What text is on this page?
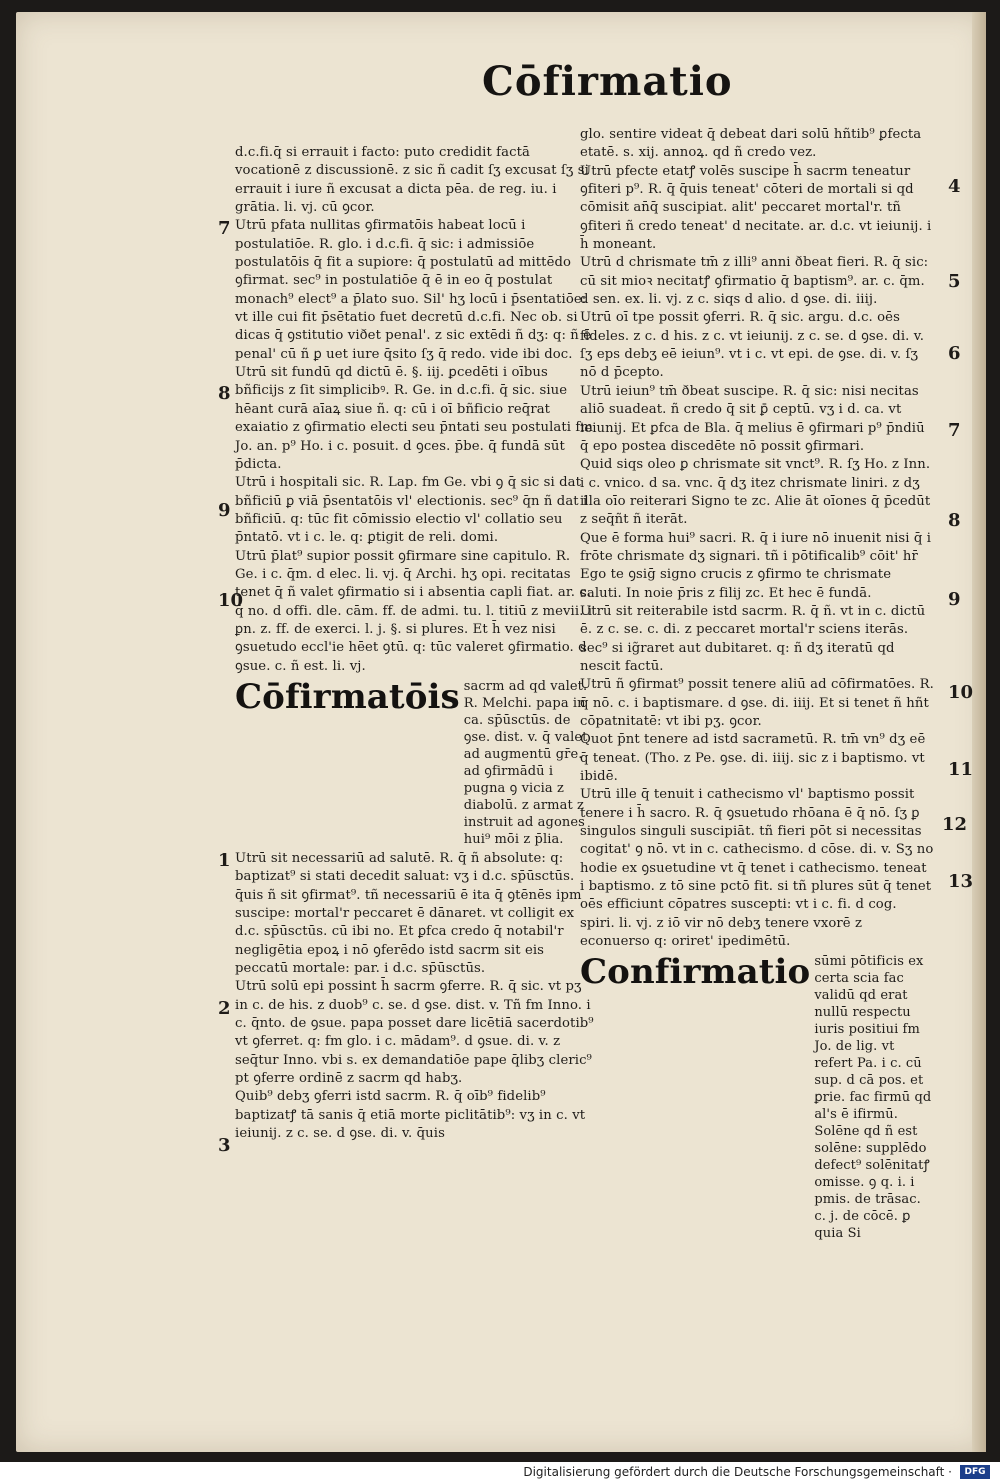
Cōfirmatio
7
8
9
10
1
2
3
4
5
6
7
8
9
10
11
12
13

d.c.fi.q̄ si errauit i facto: puto credidit factā vocationē z discussionē. z sic ñ cadit ſʒ excusat ſʒ si errauit i iure ñ excusat a dicta pēa. de reg. iu. i grātia. li. vj. cū ꝯcor.

Utrū pfata nullitas ꝯfirmatōis habeat locū i postulatiōe. R. glo. i d.c.fi. q̄ sic: i admissiōe postulatōis q̄ fit a supiore: q̄ postulatū ad mittēdo ꝯfirmat. sec⁹ in postulatiōe q̄ ē in eo q̄ postulat monach⁹ elect⁹ a p̄lato suo. Sil' hʒ locū i p̄sentatiōe: vt ille cui fit p̄sētatio fuet decretū d.c.fi. Nec ob. si dicas q̄ ꝯstitutio viðet penal'. z sic extēdi ñ dʒ: q: ñ ē penal' cū ñ ꝑ uet iure q̄sito ſʒ q̄ redo. vide ibi doc.

Utrū sit fundū qd dictū ē. §. iij. ꝑcedēti i oībus bñficijs z ſit simplicibꝰ. R. Ge. in d.c.fi. q̄ sic. siue hēant curā aīaꝝ siue ñ. q: cū i oī bñficio req̄rat exaiatio z ꝯfirmatio electi seu p̄ntati seu postulati fm Jo. an. p⁹ Ho. i c. posuit. d ꝯces. p̄be. q̄ fundā sūt p̄dicta.

Utrū i hospitali sic. R. Lap. fm Ge. vbi ꝯ q̄ sic si dat bñficiū ꝑ viā p̄sentatōis vl' electionis. sec⁹ q̄n ñ dat i bñficiū. q: tūc fit cōmissio electio vl' collatio seu p̄ntatō. vt i c. le. q: ꝑtigit de reli. domi.

Utrū p̄lat⁹ supior possit ꝯfirmare sine capitulo. R. Ge. i c. q̄m. d elec. li. vj. q̄ Archi. hʒ opi. recitatas tenet q̄ ñ valet ꝯfirmatio si i absentia capli fiat. ar. c. q̄ no. d offi. dle. cām. ff. de admi. tu. l. titiū z mevii. i ꝑn. z. ff. de exerci. l. j. §. si plures. Et h̄ vez nisi ꝯsuetudo eccl'ie hēet ꝯtū. q: tūc valeret ꝯfirmatio. d ꝯsue. c. ñ est. li. vj.

Cōfirmatōis sacrm ad qd valet. R. Melchi. papa in ca. sp̄ūsctūs. de ꝯse. dist. v. q̄ valet ad augmentū gr̄e. ad ꝯfirmādū i pugna ꝯ vicia z diabolū. z armat z instruit ad agones hui⁹ mōi z p̄lia.

Utrū sit necessariū ad salutē. R. q̄ ñ absolute: q: baptizat⁹ si stati decedit saluat: vʒ i d.c. sp̄ūsctūs. q̄uis ñ sit ꝯfirmat⁹. tñ necessariū ē ita q̄ ꝯtēnēs ipm suscipe: mortal'r peccaret ē dānaret. vt colligit ex d.c. sp̄ūsctūs. cū ibi no. Et ꝑfca credo q̄ notabil'r negligētia epoꝝ i nō ꝯferēdo istd sacrm sit eis peccatū mortale: par. i d.c. sp̄ūsctūs.

Utrū solū epi possint h̄ sacrm ꝯferre. R. q̄ sic. vt pʒ in c. de his. z duob⁹ c. se. d ꝯse. dist. v. Tñ fm Inno. i c. q̄nto. de ꝯsue. papa posset dare licētiā sacerdotib⁹ vt ꝯferret. q: fm glo. i c. mādam⁹. d ꝯsue. di. v. z seq̄tur Inno. vbi s. ex demandatiōe pape q̄libʒ cleric⁹ pt ꝯferre ordinē z sacrm qd habʒ.

Quib⁹ debʒ ꝯferri istd sacrm. R. q̄ oīb⁹ fidelib⁹ baptizatꝭ tā sanis q̄ etiā morte piclitātib⁹: vʒ in c. vt ieiunij. z c. se. d ꝯse. di. v. q̄uis

glo. sentire videat q̄ debeat dari solū hñtib⁹ ꝑfecta etatē. s. xij. annoꝝ. qd ñ credo vez.

Utrū pfecte etatꝭ volēs suscipe h̄ sacrm teneatur ꝯfiteri p⁹. R. q̄ q̄uis teneat' cōteri de mortali si qd cōmisit an̄q̄ suscipiat. alit' peccaret mortal'r. tñ ꝯfiteri ñ credo teneat' d necitate. ar. d.c. vt ieiunij. i h̄ moneant.

Utrū d chrismate tm̄ z illi⁹ anni ðbeat fieri. R. q̄ sic: cū sit mioꝛ necitatꝭ ꝯfirmatio q̄ baptism⁹. ar. c. q̄m. d sen. ex. li. vj. z c. siqs d alio. d ꝯse. di. iiij.

Utrū oī tpe possit ꝯferri. R. q̄ sic. argu. d.c. oēs fideles. z c. d his. z c. vt ieiunij. z c. se. d ꝯse. di. v. ſʒ eps debʒ eē ieiun⁹. vt i c. vt epi. de ꝯse. di. v. ſʒ nō d p̄cepto.

Utrū ieiun⁹ tm̄ ðbeat suscipe. R. q̄ sic: nisi necitas aliō suadeat. ñ credo q̄ sit ꝑ̄ ceptū. vʒ i d. ca. vt ieiunij. Et ꝑfca de Bla. q̄ melius ē ꝯfirmari p⁹ p̄ndiū q̄ epo postea discedēte nō possit ꝯfirmari.

Quid siqs oleo ꝑ chrismate sit vnct⁹. R. ſʒ Ho. z Inn. i c. vnico. d sa. vnc. q̄ dʒ itez chrismate liniri. z dʒ illa oīo reiterari Signo te zc. Alie āt oīones q̄ p̄cedūt z seq̄ñt ñ iterāt.

Que ē forma hui⁹ sacri. R. q̄ i iure nō inuenit nisi q̄ i frōte chrismate dʒ signari. tñ i pōtificalib⁹ cōit' hr̄ Ego te ꝯsiḡ signo crucis z ꝯfirmo te chrismate saluti. In noie p̄ris z filij zc. Et hec ē fundā.

Utrū sit reiterabile istd sacrm. R. q̄ ñ. vt in c. dictū ē. z c. se. c. di. z peccaret mortal'r sciens iterās. sec⁹ si ig̃raret aut dubitaret. q: ñ dʒ iteratū qd nescit factū.

Utrū ñ ꝯfirmat⁹ possit tenere aliū ad cōfirmatōes. R. q̄ nō. c. i baptismare. d ꝯse. di. iiij. Et si tenet ñ hñt cōpatnitatē: vt ibi pʒ. ꝯcor.

Quot p̄nt tenere ad istd sacrametū. R. tm̄ vn⁹ dʒ eē q̄ teneat. (Tho. z Pe. ꝯse. di. iiij. sic z i baptismo. vt ibidē.

Utrū ille q̄ tenuit i cathecismo vl' baptismo possit tenere i h̄ sacro. R. q̄ ꝯsuetudo rhōana ē q̄ nō. ſʒ ꝑ singulos singuli suscipiāt. tñ fieri pōt si necessitas cogitat' ꝯ nō. vt in c. cathecismo. d cōse. di. v. Sʒ no hodie ex ꝯsuetudine vt q̄ tenet i cathecismo. teneat i baptismo. z tō sine pctō fit. si tñ plures sūt q̄ tenet oēs efficiunt cōpatres suscepti: vt i c. fi. d cog. spiri. li. vj. z iō vir nō debʒ tenere vxorē z econuerso q: oriret' ipedimētū.

Confirmatio sūmi pōtificis ex certa scia fac validū qd erat nullū respectu iuris positiui fm Jo. de lig. vt refert Pa. i c. cū sup. d cā pos. et ꝑrie. fac firmū qd al's ē ifirmū. Solēne qd ñ est solēne: supplēdo defect⁹ solēnitatꝭ omisse. ꝯ q. i. i pmis. de trāsac. c. j. de cōcē. ꝑ quia Si
Digitalisierung gefördert durch die Deutsche Forschungsgemeinschaft ·	DFG
